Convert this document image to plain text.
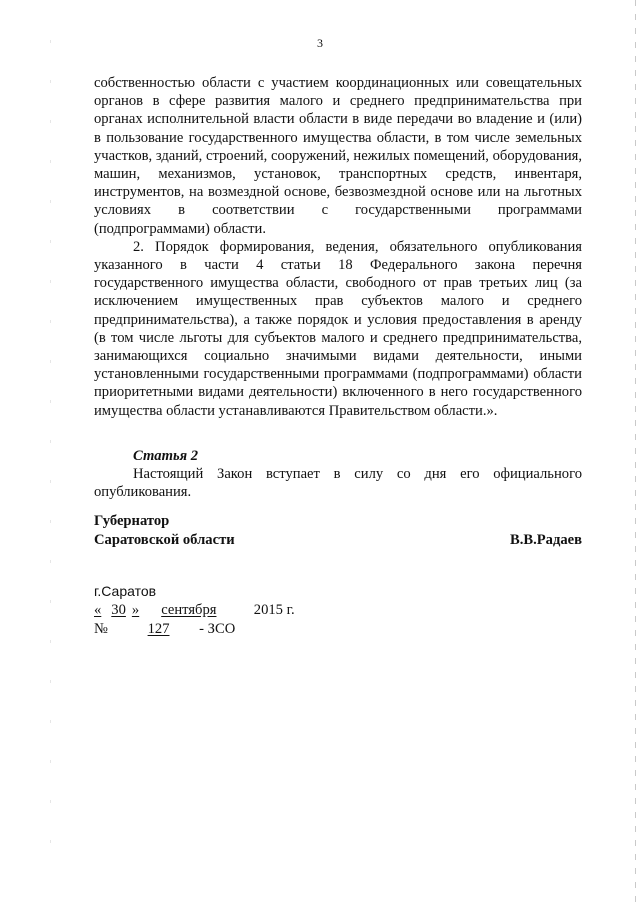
3

собственностью области с участием координационных или совещательных органов в сфере развития малого и среднего предпринимательства при органах исполнительной власти области в виде передачи во владение и (или) в пользование государственного имущества области, в том числе земельных участков, зданий, строений, сооружений, нежилых помещений, оборудования, машин, механизмов, установок, транспортных средств, инвентаря, инструментов, на возмездной основе, безвозмездной основе или на льготных условиях в соответствии с государственными программами (подпрограммами) области.

2. Порядок формирования, ведения, обязательного опубликования указанного в части 4 статьи 18 Федерального закона перечня государственного имущества области, свободного от прав третьих лиц (за исключением имущественных прав субъектов малого и среднего предпринимательства), а также порядок и условия предоставления в аренду (в том числе льготы для субъектов малого и среднего предпринимательства, занимающихся социально значимыми видами деятельности, иными установленными государственными программами (подпрограммами) области приоритетными видами деятельности) включенного в него государственного имущества области устанавливаются Правительством области.».

Статья 2

Настоящий Закон вступает в силу со дня его официального опубликования.

Губернатор
Саратовской области	В.В.Радаев
г.Саратов
« 30 » сентября	2015 г.
№	127 - ЗСО
